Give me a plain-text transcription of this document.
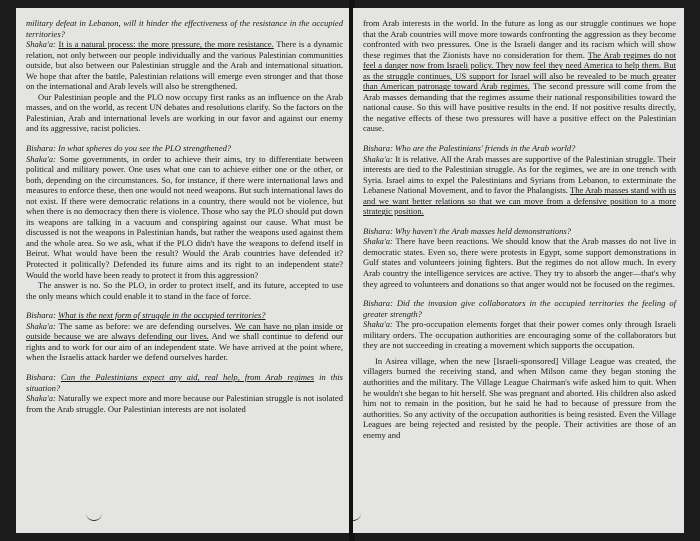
military defeat in Lebanon, will it hinder the effectiveness of the resistance in the occupied territories?
Shaka'a: It is a natural process: the more pressure, the more resistance. There is a dynamic relation, not only between our people individually and the various Palestinian communities outside, but also between our Palestinian struggle and the Arab and international situation. We hope that after the battle, Palestinian relations will emerge even stronger and that those on the international and Arab levels will also be strengthened.

Our Palestinian people and the PLO now occupy first ranks as an influence on the Arab masses, and on the world, as recent UN debates and resolutions clarify. So the factors on the Palestinian, Arab and international levels are working in our favor and against our enemy and its aggressive, racist policies.

Bishara: In what spheres do you see the PLO strengthened?
Shaka'a: Some governments, in order to achieve their aims, try to differentiate between political and military power. One uses what one can to achieve either one or the other, or both, depending on the circumstances. So, for instance, if there were international laws and measures to enforce these, then one would not need weapons. But such international laws do not exist. If there were democratic relations in a country, there would not be violence, but when there is no democracy then there is violence. Those who say the PLO should put down its weapons are talking in a vacuum and conspiring against our cause. What must be discussed is not the weapons in Palestinian hands, but rather the weapons used against them and the whole area. So we ask, what if the PLO didn't have the weapons to defend itself in Beirut. What would have been the result? Would the Arab countries have defended it? Protected it politically? Defended its future aims and its right to an independent state? Would the world have been ready to protect it from this aggression?

The answer is no. So the PLO, in order to protect itself, and its future, accepted to use the only means which could enable it to stand in the face of force.

Bishara: What is the next form of struggle in the occupied territories?
Shaka'a: The same as before: we are defending ourselves. We can have no plan inside or outside because we are always defending our lives. And we shall continue to defend our rights and to work for our aim of an independent state. We have arrived at the point where, when the Israelis attack harder we defend ourselves harder.

Bishara: Can the Palestinians expect any aid, real help, from Arab regimes in this situation?
Shaka'a: Naturally we expect more and more because our Palestinian struggle is not isolated from the Arab struggle. Our Palestinian interests are not isolated

from Arab interests in the world. In the future as long as our struggle continues we hope that the Arab countries will move more towards confronting the aggression as they become confronted with two pressures. One is the Israeli danger and its racism which will show these regimes that the Zionists have no consideration for them. The Arab regimes do not feel a danger now from Israeli policy. They now feel they need America to help them. But as the struggle continues, US support for Israel will also be revealed to be much greater than American patronage toward Arab regimes. The second pressure will come from the Arab masses demanding that the regimes assume their national responsibilities toward the national cause. So this will have positive results in the end. If not positive results directly, the negative effects of these two pressures will have a positive effect on the Palestinian cause.

Bishara: Who are the Palestinians' friends in the Arab world?
Shaka'a: It is relative. All the Arab masses are supportive of the Palestinian struggle. Their interests are tied to the Palestinian struggle. As for the regimes, we are in one trench with Syria. Israel aims to expel the Palestinians and Syrians from Lebanon, to exterminate the Lebanese National Movement, and to favor the Phalangists. The Arab masses stand with us and we want better relations so that we can move from a defensive position to a more strategic position.

Bishara: Why haven't the Arab masses held demonstrations?
Shaka'a: There have been reactions. We should know that the Arab masses do not live in democratic states. Even so, there were protests in Egypt, some support demonstrations in Gulf states and volunteers joining fighters. But the regimes do not allow much. In every Arab country the intelligence services are active. They try to absorb the anger—that's why they agreed to volunteers and donations so that anger would not be focused on the regimes.

Bishara: Did the invasion give collaborators in the occupied territories the feeling of greater strength?
Shaka'a: The pro-occupation elements forget that their power comes only through Israeli military orders. The occupation authorities are encouraging some of the collaborators but they are not succeeding in creating a movement which supports the occupation.

In Asirea village, when the new [Israeli-sponsored] Village League was created, the villagers burned the receiving stand, and when Milson came they began stoning the authorities and the military. The Village League Chairman's wife asked him to quit. When he wouldn't she began to hit herself. She was pregnant and aborted. His children also asked him not to remain in the position, but he said he had to because of pressure from the authorities. So any activity of the occupation authorities is being resisted. Even the Village Leagues are being rejected and resisted by the people. Their activities are those of an enemy and
